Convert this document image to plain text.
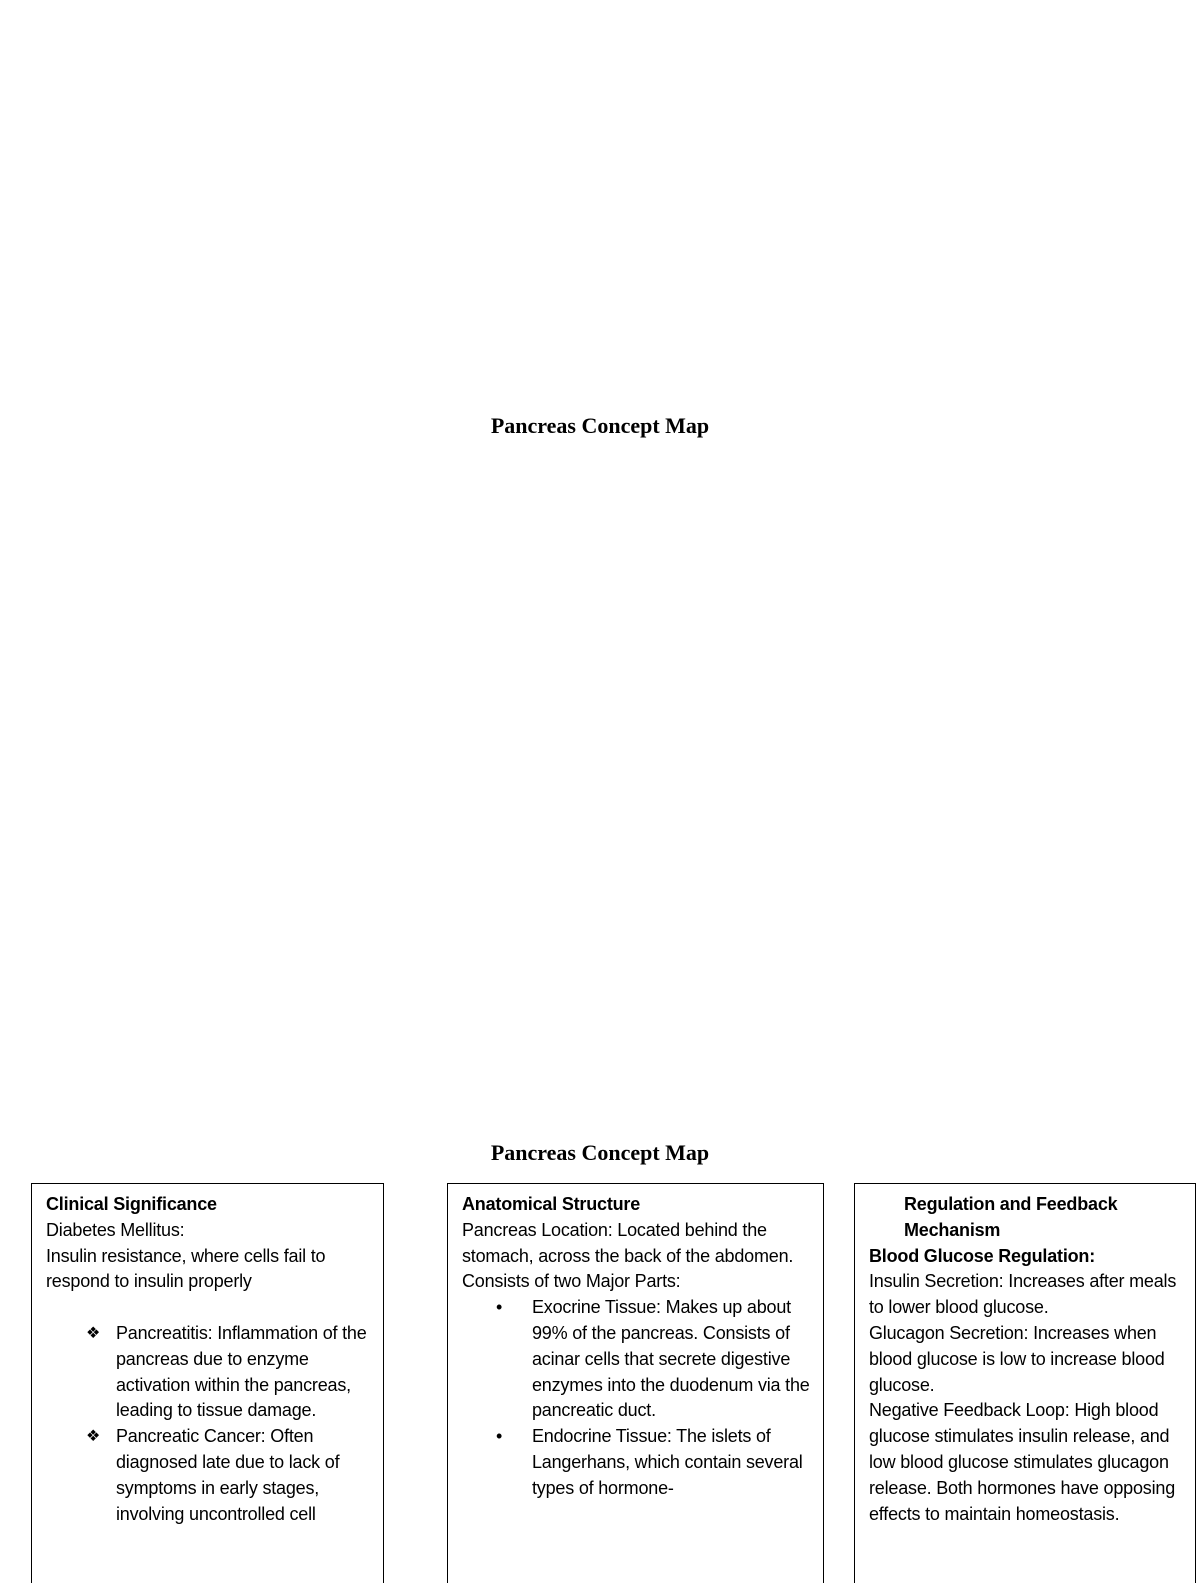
Pancreas Concept Map
Pancreas Concept Map

Clinical Significance

Diabetes Mellitus:

Insulin resistance, where cells fail to respond to insulin properly

❖ Pancreatitis: Inflammation of the pancreas due to enzyme activation within the pancreas, leading to tissue damage.
❖ Pancreatic Cancer: Often diagnosed late due to lack of symptoms in early stages, involving uncontrolled cell

Anatomical Structure

Pancreas Location: Located behind the stomach, across the back of the abdomen.

Consists of two Major Parts:

• Exocrine Tissue: Makes up about 99% of the pancreas. Consists of acinar cells that secrete digestive enzymes into the duodenum via the pancreatic duct.
• Endocrine Tissue: The islets of Langerhans, which contain several types of hormone-

Regulation and Feedback Mechanism

Blood Glucose Regulation:

Insulin Secretion: Increases after meals to lower blood glucose.

Glucagon Secretion: Increases when blood glucose is low to increase blood glucose.

Negative Feedback Loop: High blood glucose stimulates insulin release, and low blood glucose stimulates glucagon release. Both hormones have opposing effects to maintain homeostasis.
